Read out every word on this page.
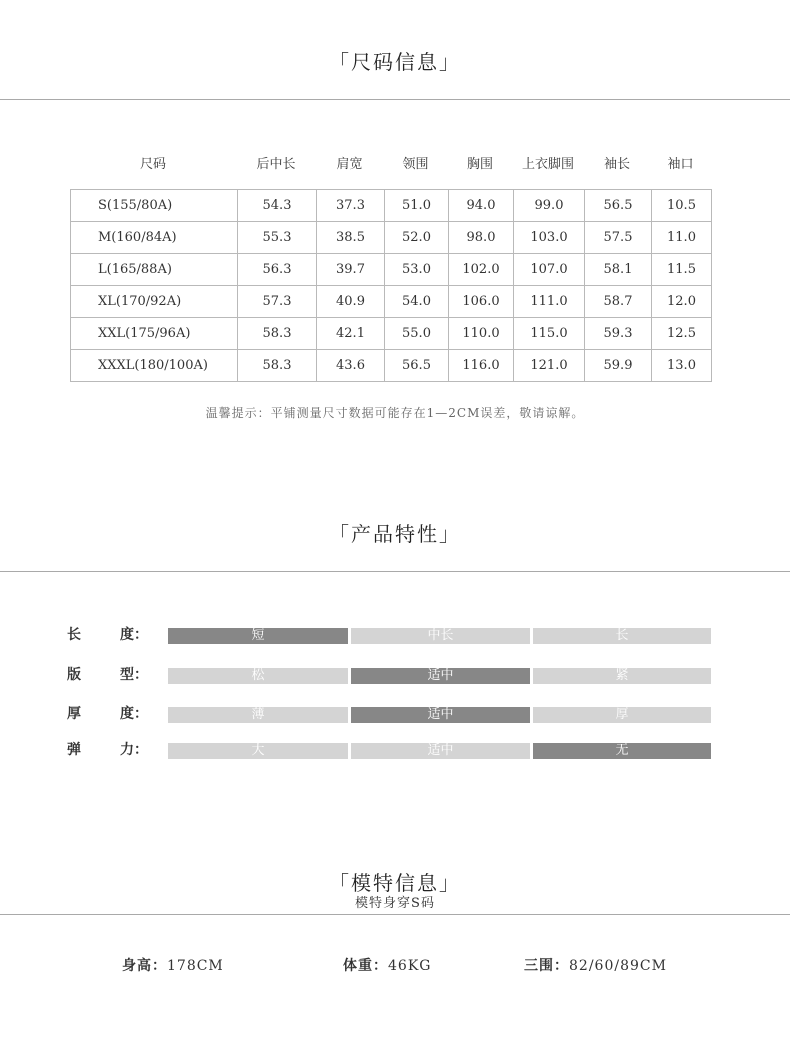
「尺码信息」
尺码	后中长	肩宽	领围	胸围	上衣脚围	袖长	袖口
S(155/80A)	54.3	37.3	51.0	94.0	99.0	56.5	10.5
M(160/84A)	55.3	38.5	52.0	98.0	103.0	57.5	11.0
L(165/88A)	56.3	39.7	53.0	102.0	107.0	58.1	11.5
XL(170/92A)	57.3	40.9	54.0	106.0	111.0	58.7	12.0
XXL(175/96A)	58.3	42.1	55.0	110.0	115.0	59.3	12.5
XXXL(180/100A)	58.3	43.6	56.5	116.0	121.0	59.9	13.0
温馨提示：平铺测量尺寸数据可能存在1—2CM误差，敬请谅解。
「产品特性」
长	度：	短	中长	长
版	型：	松	适中	紧
厚	度：	薄	适中	厚
弹	力：	大	适中	无
「模特信息」
模特身穿S码
身高：178CM	体重：46KG	三围：82/60/89CM
